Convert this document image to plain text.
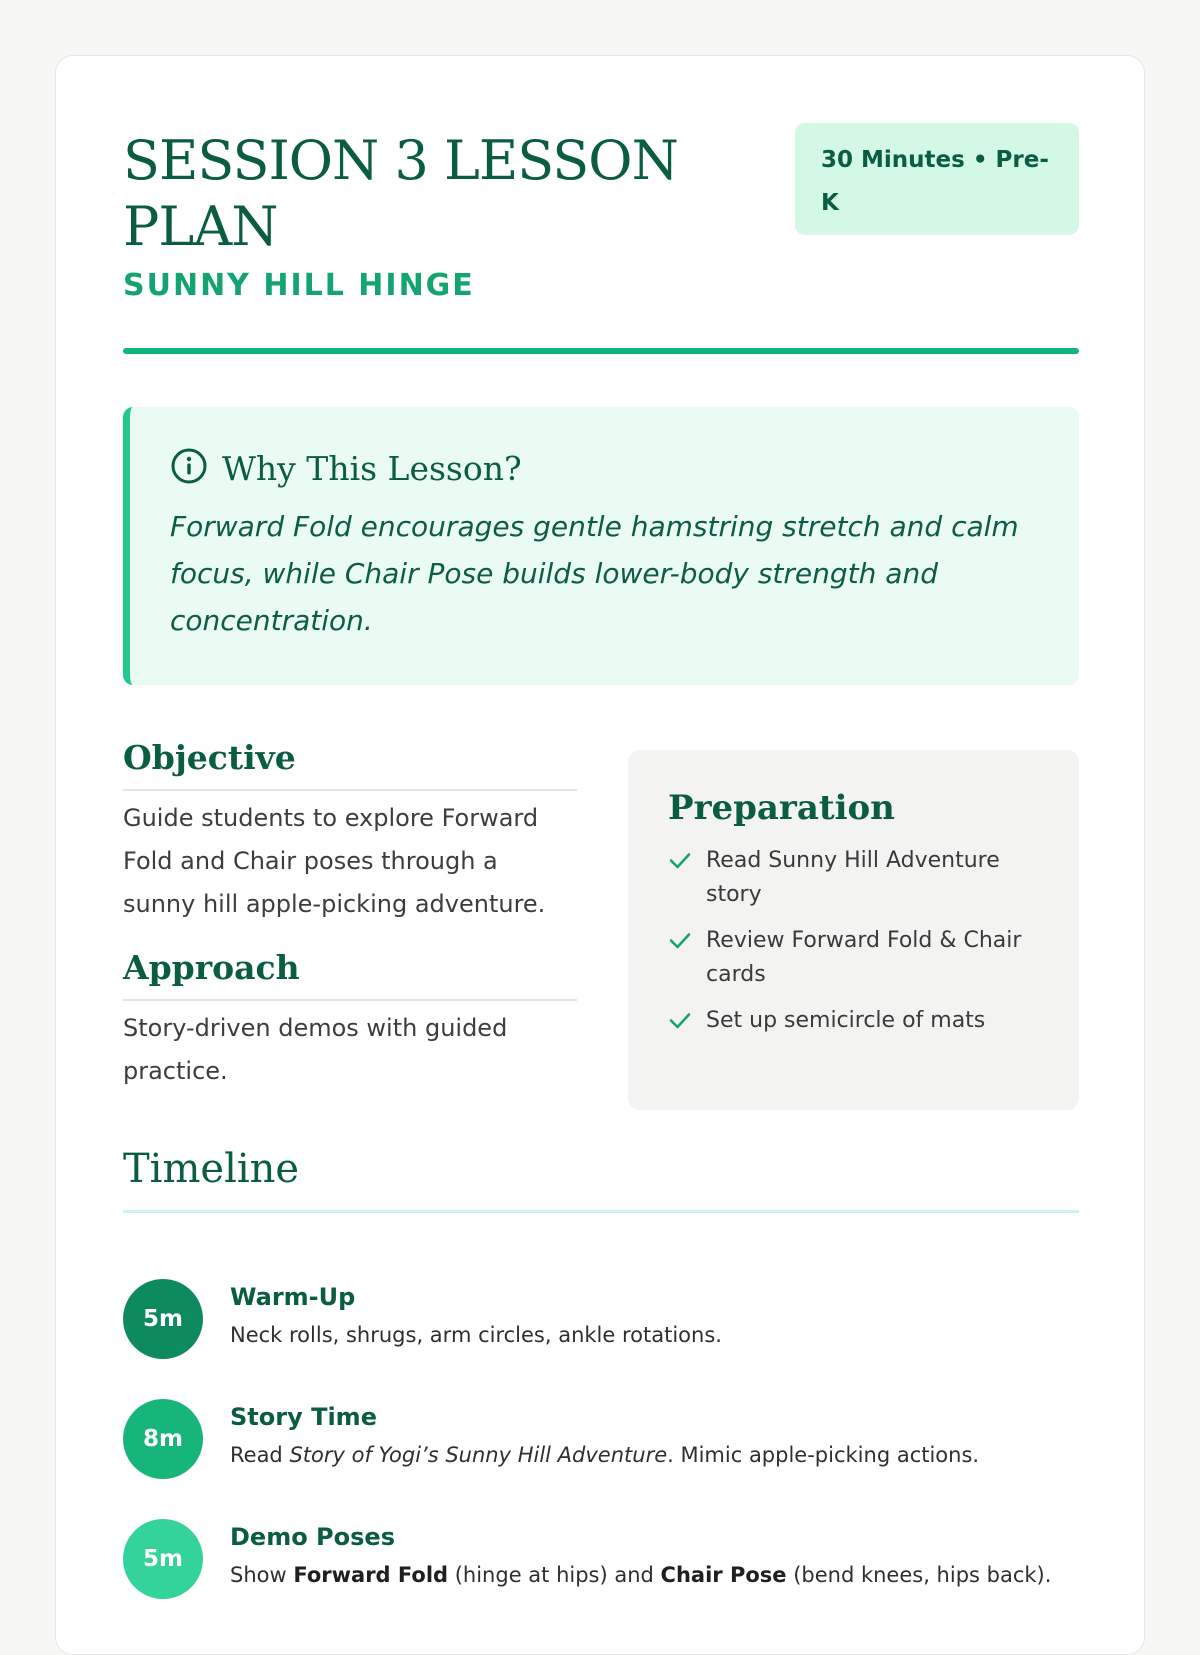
SESSION 3 LESSON PLAN
SUNNY HILL HINGE
30 Minutes • Pre-K
Why This Lesson?
Forward Fold encourages gentle hamstring stretch and calm focus, while Chair Pose builds lower-body strength and concentration.
Objective

Guide students to explore Forward Fold and Chair poses through a sunny hill apple-picking adventure.

Approach

Story-driven demos with guided practice.

Preparation
Read Sunny Hill Adventure story
Review Forward Fold & Chair cards
Set up semicircle of mats
Timeline
5m
Warm-Up
Neck rolls, shrugs, arm circles, ankle rotations.
8m
Story Time
Read Story of Yogi’s Sunny Hill Adventure. Mimic apple-picking actions.
5m
Demo Poses
Show Forward Fold (hinge at hips) and Chair Pose (bend knees, hips back).
